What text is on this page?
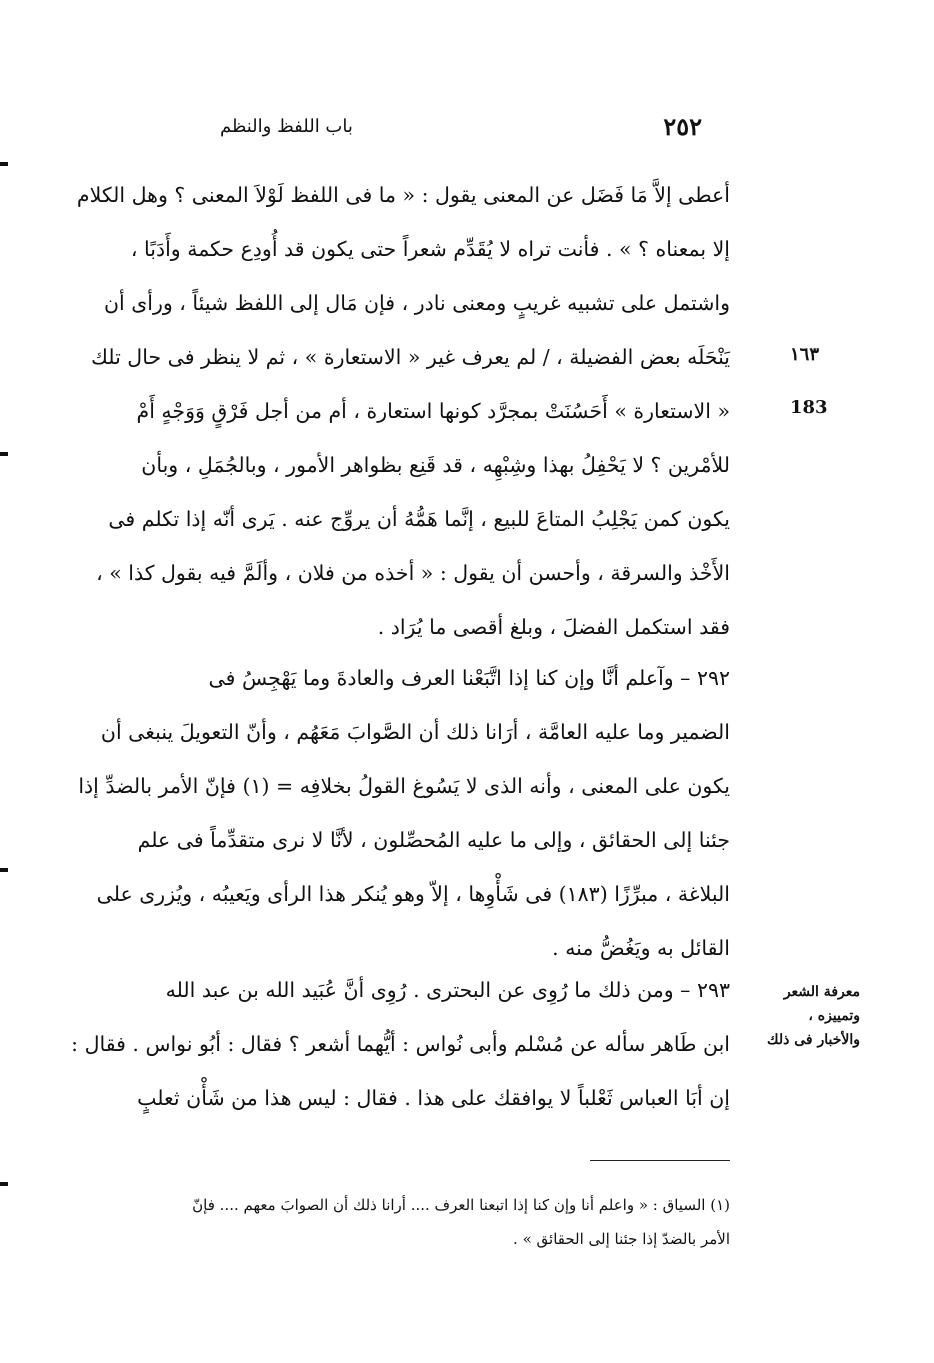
٢٥٢
باب اللفظ والنظم
أعطى إلاَّ مَا فَضَل عن المعنى يقول : « ما فى اللفظ لَوْلاَ المعنى ؟ وهل الكلام
إلا بمعناه ؟ » . فأنت تراه لا يُقَدِّم شعراً حتى يكون قد أُودِع حكمة وأَدَبًا ،
واشتمل على تشبيه غريبٍ ومعنى نادر ، فإن مَال إلى اللفظ شيئاً ، ورأى أن
يَنْحَلَه بعض الفضيلة ، / لم يعرف غير « الاستعارة » ، ثم لا ينظر فى حال تلك
« الاستعارة » أَحَسُنَتْ بمجرَّد كونها استعارة ، أم من أجل فَرْقٍ وَوَجْهٍ أَمْ
للأمْرين ؟ لا يَحْفِلُ بهذا وشِبْهِه ، قد قَنِع بظواهر الأمور ، وبالجُمَلِ ، وبأن
يكون كمن يَجْلِبُ المتاعَ للبيع ، إنَّما هَمُّهُ أن يروِّج عنه . يَرى أنّه إذا تكلم فى
الأَخْذ والسرقة ، وأحسن أن يقول : « أخذه من فلان ، وألَمَّ فيه بقول كذا » ،
فقد استكمل الفضلَ ، وبلغ أقصى ما يُرَاد .
٢٩٢ – وآعلم أنَّا وإن كنا إذا اتَّبَعْنا العرف والعادةَ وما يَهْجِسُ فى
الضمير وما عليه العامَّة ، أرَانا ذلك أن الصَّوابَ مَعَهُم ، وأنّ التعويلَ ينبغى أن
يكون على المعنى ، وأنه الذى لا يَسُوغ القولُ بخلافِه = (١) فإنّ الأمر بالضدِّ إذا
جئنا إلى الحقائق ، وإلى ما عليه المُحصِّلون ، لأنَّا لا نرى متقدِّماً فى علم
البلاغة ، مبرِّزًا (١٨٣) فى شَأْوِها ، إلاّ وهو يُنكر هذا الرأى ويَعيبُه ، ويُزرى على
القائل به ويَغُضُّ منه .
٢٩٣ – ومن ذلك ما رُوِى عن البحترى . رُوِى أنَّ عُبَيد الله بن عبد الله
ابن طَاهر سأله عن مُسْلم وأبى نُواس : أيُّهما أشعر ؟ فقال : أبُو نواس . فقال :
إن أبَا العباس ثَعْلباً لا يوافقك على هذا . فقال : ليس هذا من شَأْن ثعلبٍ
١٦٣
183
معرفة الشعر وتمييزه ،
والأخبار فى ذلك
(١) السياق : « واعلم أنا وإن كنا إذا اتبعنا العرف .... أرانا ذلك أن الصوابَ معهم .... فإنّ
الأمر بالضدّ إذا جئنا إلى الحقائق » .
